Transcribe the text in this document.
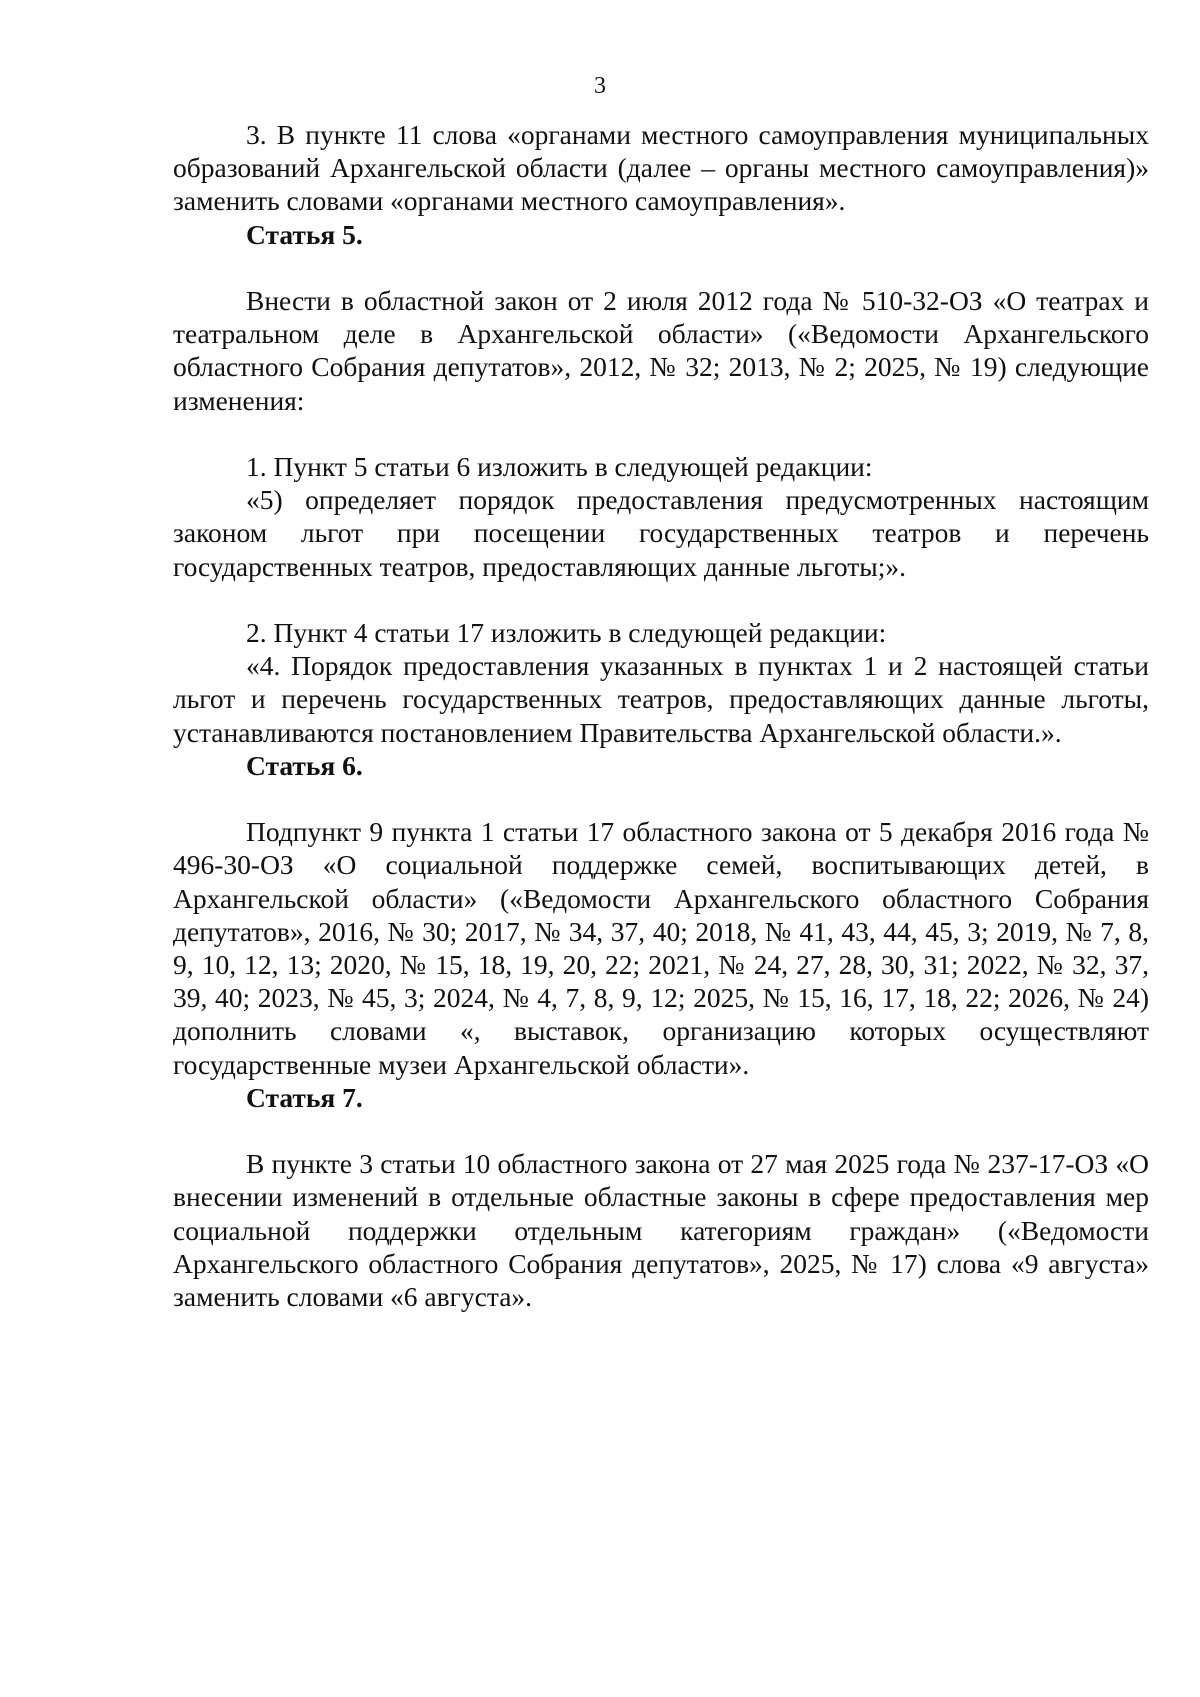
3

3. В пункте 11 слова «органами местного самоуправления муниципальных образований Архангельской области (далее – органы местного самоуправления)» заменить словами «органами местного самоуправления».

Статья 5.

Внести в областной закон от 2 июля 2012 года № 510-32-ОЗ «О театрах и театральном деле в Архангельской области» («Ведомости Архангельского областного Собрания депутатов», 2012, № 32; 2013, № 2; 2025, № 19) следующие изменения:

1. Пункт 5 статьи 6 изложить в следующей редакции:

«5) определяет порядок предоставления предусмотренных настоящим законом льгот при посещении государственных театров и перечень государственных театров, предоставляющих данные льготы;».

2. Пункт 4 статьи 17 изложить в следующей редакции:

«4. Порядок предоставления указанных в пунктах 1 и 2 настоящей статьи льгот и перечень государственных театров, предоставляющих данные льготы, устанавливаются постановлением Правительства Архангельской области.».

Статья 6.

Подпункт 9 пункта 1 статьи 17 областного закона от 5 декабря 2016 года № 496-30-ОЗ «О социальной поддержке семей, воспитывающих детей, в Архангельской области» («Ведомости Архангельского областного Собрания депутатов», 2016, № 30; 2017, № 34, 37, 40; 2018, № 41, 43, 44, 45, 3; 2019, № 7, 8, 9, 10, 12, 13; 2020, № 15, 18, 19, 20, 22; 2021, № 24, 27, 28, 30, 31; 2022, № 32, 37, 39, 40; 2023, № 45, 3; 2024, № 4, 7, 8, 9, 12; 2025, № 15, 16, 17, 18, 22; 2026, № 24) дополнить словами «, выставок, организацию которых осуществляют государственные музеи Архангельской области».

Статья 7.

В пункте 3 статьи 10 областного закона от 27 мая 2025 года № 237-17-ОЗ «О внесении изменений в отдельные областные законы в сфере предоставления мер социальной поддержки отдельным категориям граждан» («Ведомости Архангельского областного Собрания депутатов», 2025, № 17) слова «9 августа» заменить словами «6 августа».
